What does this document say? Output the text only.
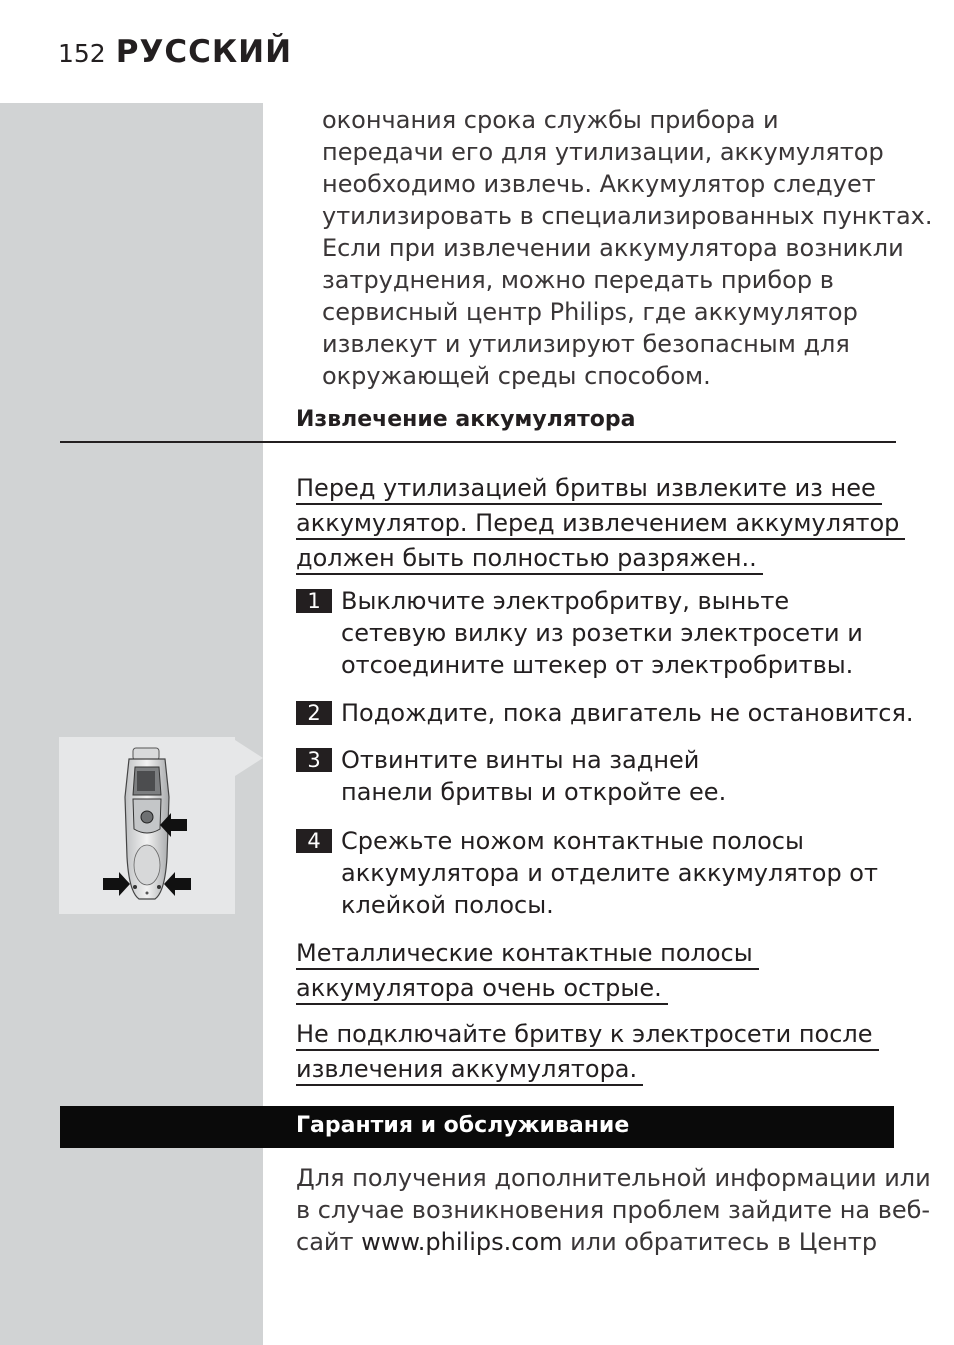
152 РУССКИЙ
окончания срока службы прибора и
передачи его для утилизации, аккумулятор
необходимо извлечь. Аккумулятор следует
утилизировать в специализированных пунктах.
Если при извлечении аккумулятора возникли
затруднения, можно передать прибор в
сервисный центр Philips, где аккумулятор
извлекут и утилизируют безопасным для
окружающей среды способом.
Извлечение аккумулятора
Перед утилизацией бритвы извлеките из нее
аккумулятор. Перед извлечением аккумулятор
должен быть полностью разряжен..
1 Выключите электробритву, выньте
сетевую вилку из розетки электросети и
отсоедините штекер от электробритвы.
2 Подождите, пока двигатель не остановится.
3 Отвинтите винты на задней
панели бритвы и откройте ее.
4 Срежьте ножом контактные полосы
аккумулятора и отделите аккумулятор от
клейкой полосы.
Металлические контактные полосы
аккумулятора очень острые.
Не подключайте бритву к электросети после
извлечения аккумулятора.
Гарантия и обслуживание
Для получения дополнительной информации или
в случае возникновения проблем зайдите на веб-
сайт www.philips.com или обратитесь в Центр
